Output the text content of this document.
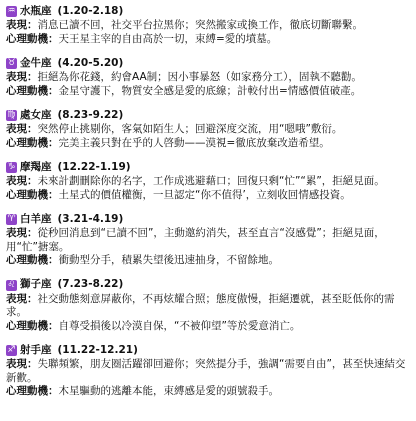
♒ 水瓶座 (1.20-2.18)
表現：消息已讀不回，社交平台拉黑你；突然搬家或換工作，徹底切斷聯繫。
心理動機：天王星主宰的自由高於一切，束縛=愛的墳墓。
♉ 金牛座 (4.20-5.20)
表現：拒絕為你花錢，約會AA制；因小事暴怒（如家務分工），固執不聽勸。
心理動機：金星守護下，物質安全感是愛的底線；計較付出=情感價值破產。
♍ 處女座 (8.23-9.22)
表現：突然停止挑剔你，客氣如陌生人；回避深度交流，用“嗯哦”敷衍。
心理動機：完美主義只對在乎的人啓動——漠視=徹底放棄改造希望。
♑ 摩羯座 (12.22-1.19)
表現：未來計劃刪除你的名字，工作成逃避藉口；回復只剩“忙”“累”，拒絕見面。
心理動機：土星式的價值權衡，一旦認定“你不值得’，立刻收回情感投資。
♈ 白羊座 (3.21-4.19)
表現：從秒回消息到“已讀不回”，主動邀約消失，甚至直言“沒感覺”；拒絕見面，用“忙”搪塞。
心理動機：衝動型分手，積累失望後迅速抽身，不留餘地。
♌ 獅子座 (7.23-8.22)
表現：社交動態刻意屏蔽你，不再炫耀合照；態度傲慢，拒絕遷就，甚至貶低你的需求。
心理動機：自尊受損後以冷漠自保，“不被仰望”等於愛意消亡。
♐ 射手座 (11.22-12.21)
表現：失聯頻繁，朋友圈活躍卻回避你；突然提分手，強調“需要自由”，甚至快速結交新歡。
心理動機：木星驅動的逃離本能，束縛感是愛的頭號殺手。
